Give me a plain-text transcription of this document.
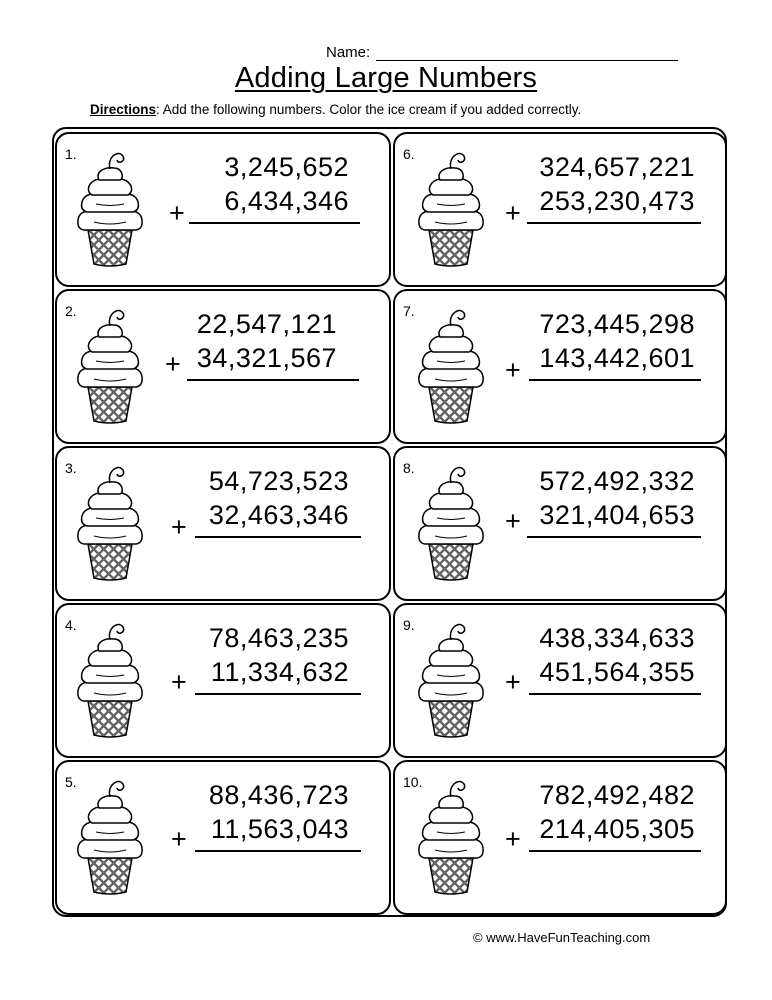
Name:
Adding Large Numbers
Directions: Add the following numbers. Color the ice cream if you added correctly.
1.	3,245,652
+ 6,434,346
6.	324,657,221
+ 253,230,473
2.	22,547,121
+ 34,321,567
7.	723,445,298
+ 143,442,601
3.	54,723,523
+ 32,463,346
8.	572,492,332
+ 321,404,653
4.	78,463,235
+ 11,334,632
9.	438,334,633
+ 451,564,355
5.	88,436,723
+ 11,563,043
10.	782,492,482
+ 214,405,305
© www.HaveFunTeaching.com
